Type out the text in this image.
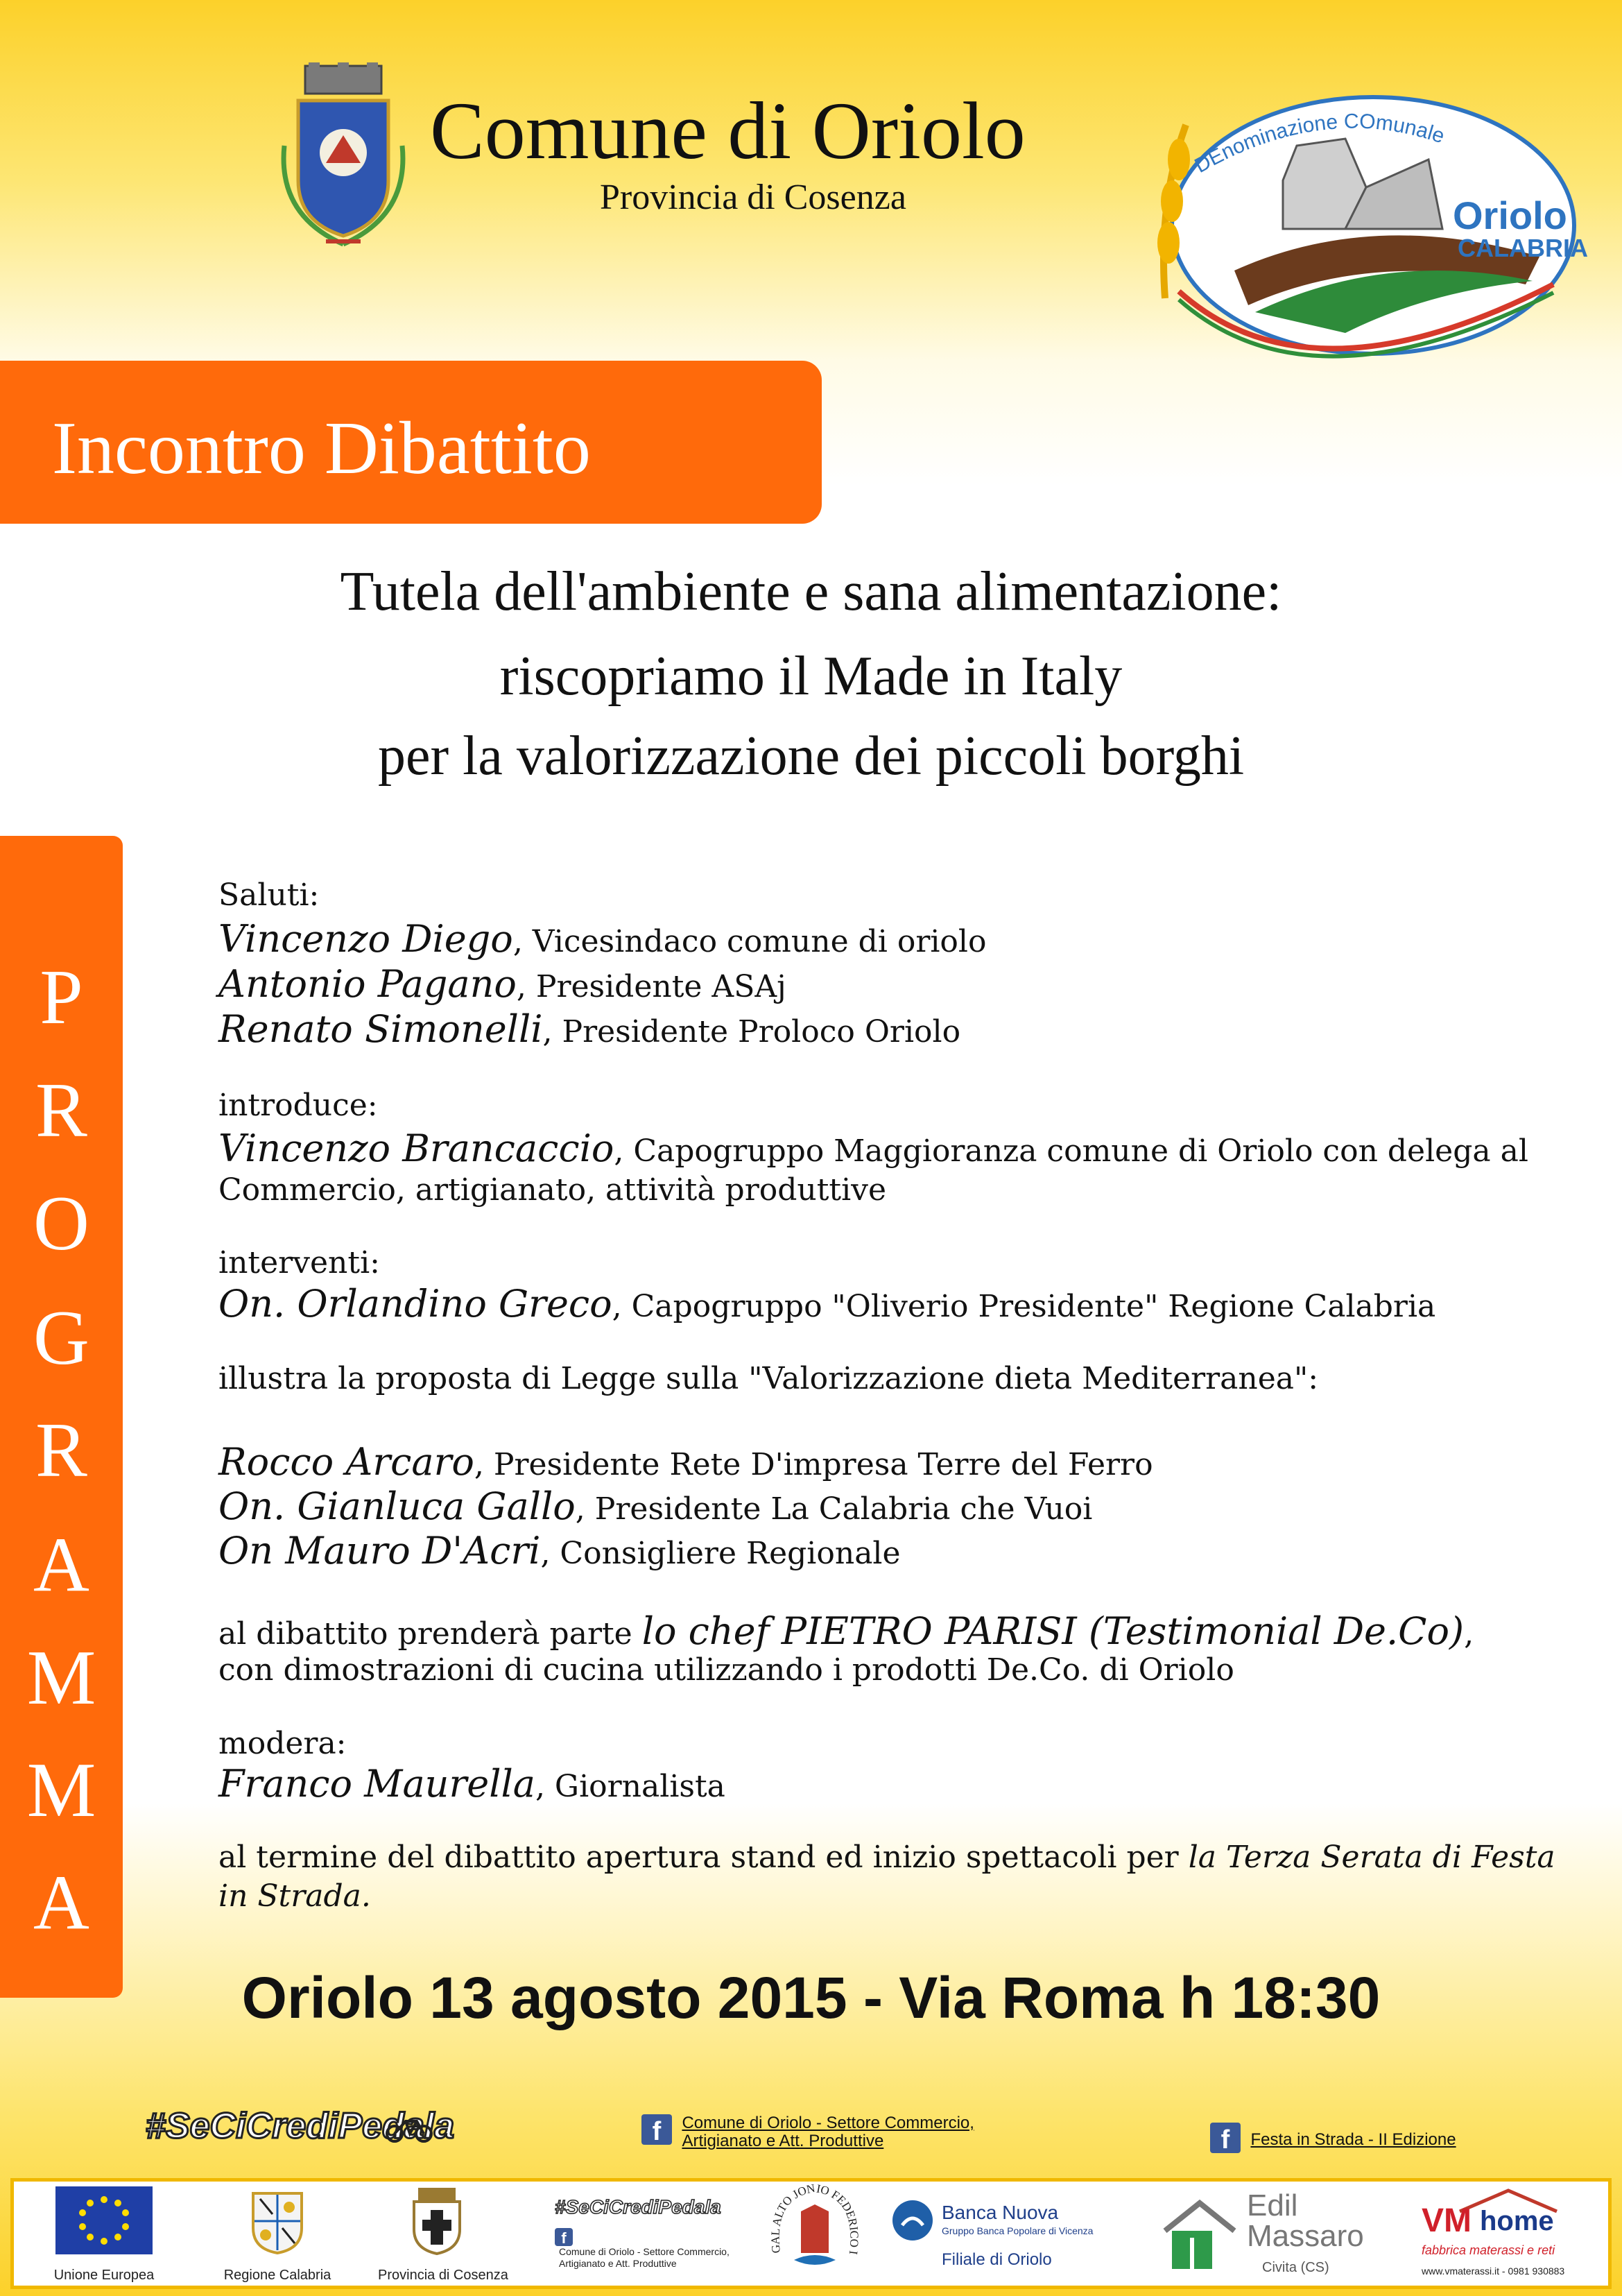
Comune di Oriolo
Provincia di Cosenza
DEnominazione COmunale
Oriolo
CALABRIA
Incontro Dibattito
Tutela dell'ambiente e sana alimentazione:
riscopriamo il Made in Italy
per la valorizzazione dei piccoli borghi
P
R
O
G
R
A
M
M
A
Saluti:
Vincenzo Diego, Vicesindaco comune di oriolo
Antonio Pagano, Presidente ASAj
Renato Simonelli, Presidente Proloco Oriolo
introduce:
Vincenzo Brancaccio, Capogruppo Maggioranza comune di Oriolo con delega al
Commercio, artigianato, attività produttive
interventi:
On. Orlandino Greco, Capogruppo "Oliverio Presidente" Regione Calabria
illustra la proposta di Legge sulla "Valorizzazione dieta Mediterranea":
Rocco Arcaro, Presidente Rete D'impresa Terre del Ferro
On. Gianluca Gallo, Presidente La Calabria che Vuoi
On Mauro D'Acri, Consigliere Regionale
al dibattito prenderà parte lo chef PIETRO PARISI (Testimonial De.Co),
con dimostrazioni di cucina utilizzando i prodotti De.Co. di Oriolo
modera:
Franco Maurella, Giornalista
al termine del dibattito apertura stand ed inizio spettacoli per la Terza Serata di Festa
in Strada.
Oriolo 13 agosto 2015 - Via Roma h 18:30
#SeCiCrediPedala	f Comune di Oriolo - Settore Commercio,
Artigianato e Att. Produttive	f Festa in Strada - II Edizione
Unione Europea	Regione Calabria	Provincia di Cosenza
#SeCiCrediPedala
f
Comune di Oriolo - Settore Commercio,
Artigianato e Att. Produttive
GAL ALTO JONIO FEDERICO I
Banca Nuova
Gruppo Banca Popolare di Vicenza
Filiale di Oriolo
Edil
Massaro
Civita (CS)
VM home
fabbrica materassi e reti
www.vmaterassi.it - 0981 930883
